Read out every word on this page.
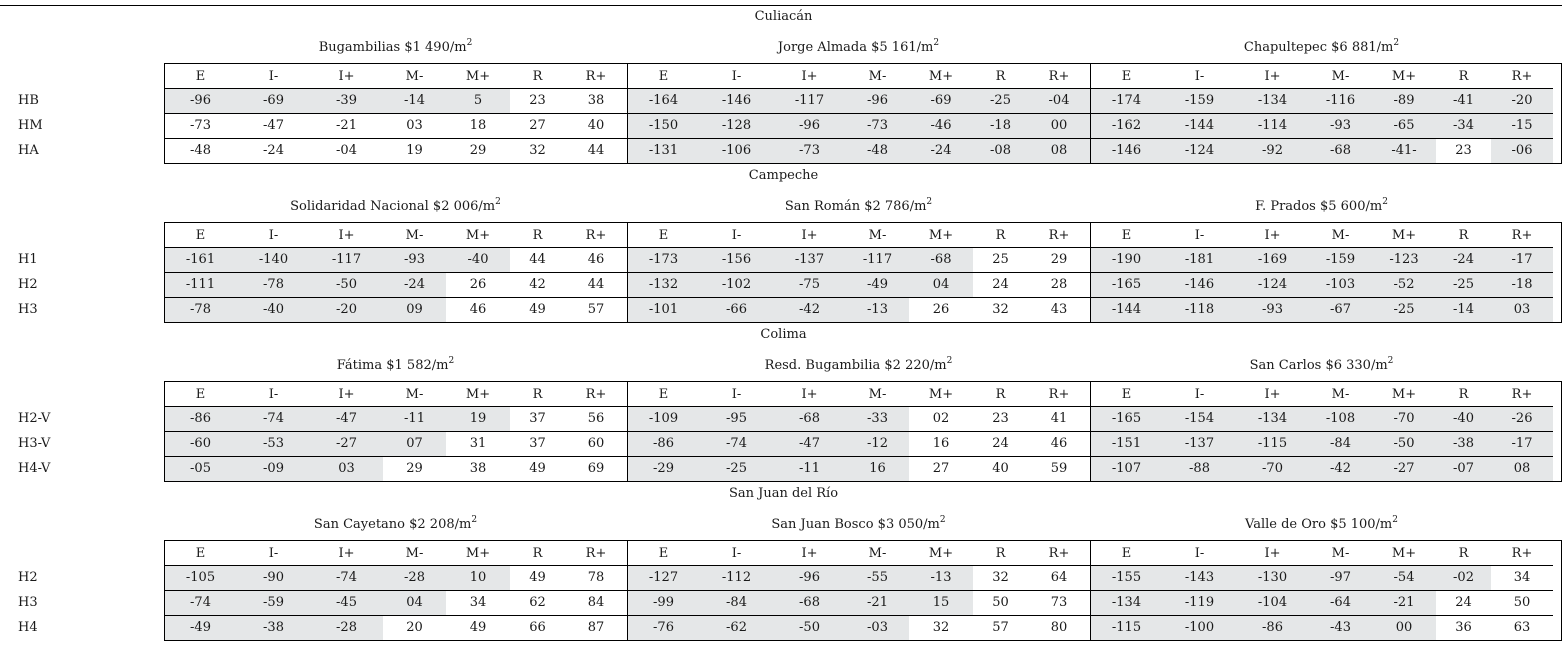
Culiacán
HB
HM
HA
Bugambilias $1 $490/m^2$
E
-96
-73
-48
I-
-69
-47
-24
I+
-39
-21
-04
M-
-14
03
19
M+
5
18
29
R
23
27
32
R+
38
40
44
Jorge Almada $5 $161/m^2$
E
-164
-150
-131
I-
-146
-128
-106
I+
-117
-96
-73
M-
-96
-73
-48
M+
-69
-46
-24
R
-25
-18
-08
R+
-04
00
08
Chapultepec $6 $881/m^2$
E
-174
-162
-146
I-
-159
-144
-124
I+
-134
-114
-92
M-
-116
-93
-68
M+
-89
-65
-41-
R
-41
-34
23
R+
-20
-15
-06
Campeche
H1
H2
H3
Solidaridad Nacional $2 $006/m^2$
E
-161
-111
-78
I-
-140
-78
-40
I+
-117
-50
-20
M-
-93
-24
09
M+
-40
26
46
R
44
42
49
R+
46
44
57
San Román $2 $786/m^2$
E
-173
-132
-101
I-
-156
-102
-66
I+
-137
-75
-42
M-
-117
-49
-13
M+
-68
04
26
R
25
24
32
R+
29
28
43
F. Prados $5 $600/m^2$
E
-190
-165
-144
I-
-181
-146
-118
I+
-169
-124
-93
M-
-159
-103
-67
M+
-123
-52
-25
R
-24
-25
-14
R+
-17
-18
03
Colima
H2-V
H3-V
H4-V
Fátima $1 $582/m^2$
E
-86
-60
-05
I-
-74
-53
-09
I+
-47
-27
03
M-
-11
07
29
M+
19
31
38
R
37
37
49
R+
56
60
69
Resd. Bugambilia $2 $220/m^2$
E
-109
-86
-29
I-
-95
-74
-25
I+
-68
-47
-11
M-
-33
-12
16
M+
02
16
27
R
23
24
40
R+
41
46
59
San Carlos $6 $330/m^2$
E
-165
-151
-107
I-
-154
-137
-88
I+
-134
-115
-70
M-
-108
-84
-42
M+
-70
-50
-27
R
-40
-38
-07
R+
-26
-17
08
San Juan del Río
H2
H3
H4
San Cayetano $2 $208/m^2$
E
-105
-74
-49
I-
-90
-59
-38
I+
-74
-45
-28
M-
-28
04
20
M+
10
34
49
R
49
62
66
R+
78
84
87
San Juan Bosco $3 $050/m^2$
E
-127
-99
-76
I-
-112
-84
-62
I+
-96
-68
-50
M-
-55
-21
-03
M+
-13
15
32
R
32
50
57
R+
64
73
80
Valle de Oro $5 $100/m^2$
E
-155
-134
-115
I-
-143
-119
-100
I+
-130
-104
-86
M-
-97
-64
-43
M+
-54
-21
00
R
-02
24
36
R+
34
50
63
